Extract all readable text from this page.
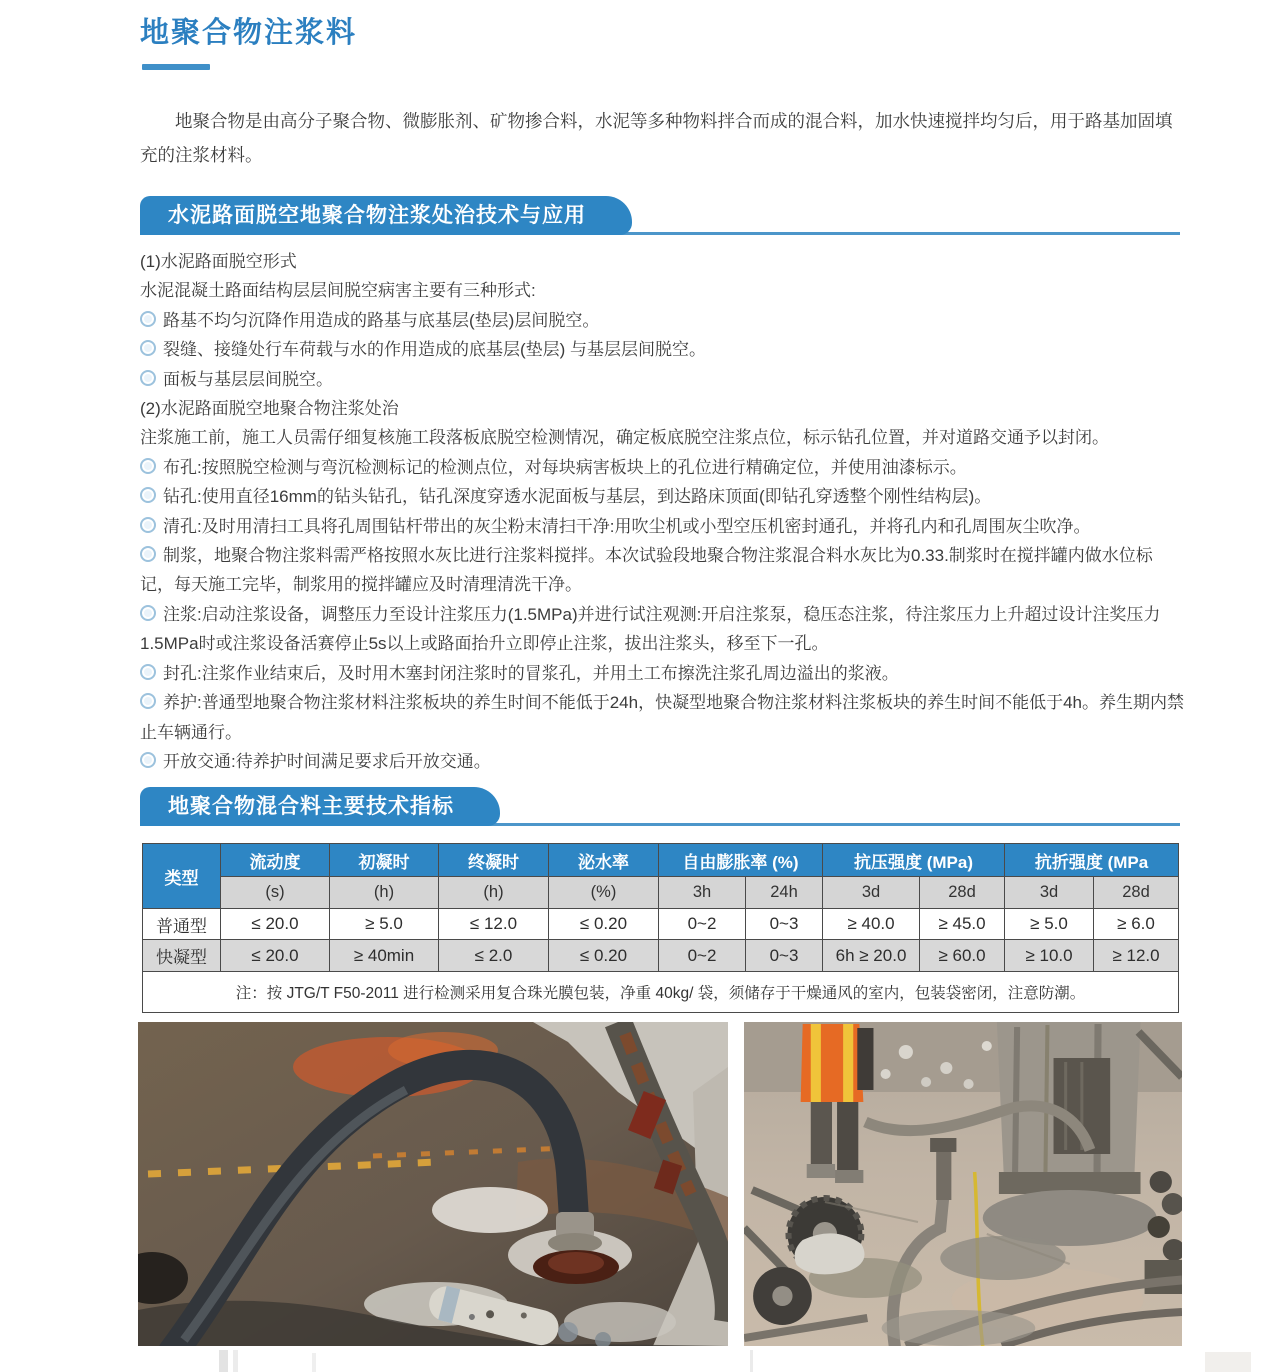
地聚合物注浆料
地聚合物是由高分子聚合物、微膨胀剂、矿物掺合料，水泥等多种物料拌合而成的混合料，加水快速搅拌均匀后，用于路基加固填充的注浆材料。
水泥路面脱空地聚合物注浆处治技术与应用

(1)水泥路面脱空形式

水泥混凝土路面结构层层间脱空病害主要有三种形式:

路基不均匀沉降作用造成的路基与底基层(垫层)层间脱空。

裂缝、接缝处行车荷载与水的作用造成的底基层(垫层) 与基层层间脱空。

面板与基层层间脱空。

(2)水泥路面脱空地聚合物注浆处治

注浆施工前，施工人员需仔细复核施工段落板底脱空检测情况，确定板底脱空注浆点位，标示钻孔位置，并对道路交通予以封闭。

布孔:按照脱空检测与弯沉检测标记的检测点位，对每块病害板块上的孔位进行精确定位，并使用油漆标示。

钻孔:使用直径16mm的钻头钻孔，钻孔深度穿透水泥面板与基层，到达路床顶面(即钻孔穿透整个刚性结构层)。

清孔:及时用清扫工具将孔周围钻杆带出的灰尘粉末清扫干净:用吹尘机或小型空压机密封通孔，并将孔内和孔周围灰尘吹净。

制浆，地聚合物注浆料需严格按照水灰比进行注浆料搅拌。本次试验段地聚合物注浆混合料水灰比为0.33.制浆时在搅拌罐内做水位标记，每天施工完毕，制浆用的搅拌罐应及时清理清洗干净。

注浆:启动注浆设备，调整压力至设计注浆压力(1.5MPa)并进行试注观测:开启注浆泵，稳压态注浆，待注浆压力上升超过设计注奖压力1.5MPa时或注浆设备活赛停止5s以上或路面抬升立即停止注浆，拔出注浆头，移至下一孔。

封孔:注浆作业结束后，及时用木塞封闭注浆时的冒浆孔，并用土工布擦洗注浆孔周边溢出的浆液。

养护:普通型地聚合物注浆材料注浆板块的养生时间不能低于24h，快凝型地聚合物注浆材料注浆板块的养生时间不能低于4h。养生期内禁止车辆通行。

开放交通:待养护时间满足要求后开放交通。

地聚合物混合料主要技术指标
类型	流动度	初凝时	终凝时	泌水率	自由膨胀率 (%)		抗压强度 (MPa)		抗折强度 (MPa	
	(s)	(h)	(h)	(%)	3h	24h	3d	28d	3d	28d
普通型	≤ 20.0	≥ 5.0	≤ 12.0	≤ 0.20	0~2	0~3	≥ 40.0	≥ 45.0	≥ 5.0	≥ 6.0
快凝型	≤ 20.0	≥ 40min	≤ 2.0	≤ 0.20	0~2	0~3	6h ≥ 20.0	≥ 60.0	≥ 10.0	≥ 12.0
注：按 JTG/T F50-2011 进行检测采用复合珠光膜包装，净重 40kg/ 袋，须储存于干燥通风的室内，包装袋密闭，注意防潮。										
